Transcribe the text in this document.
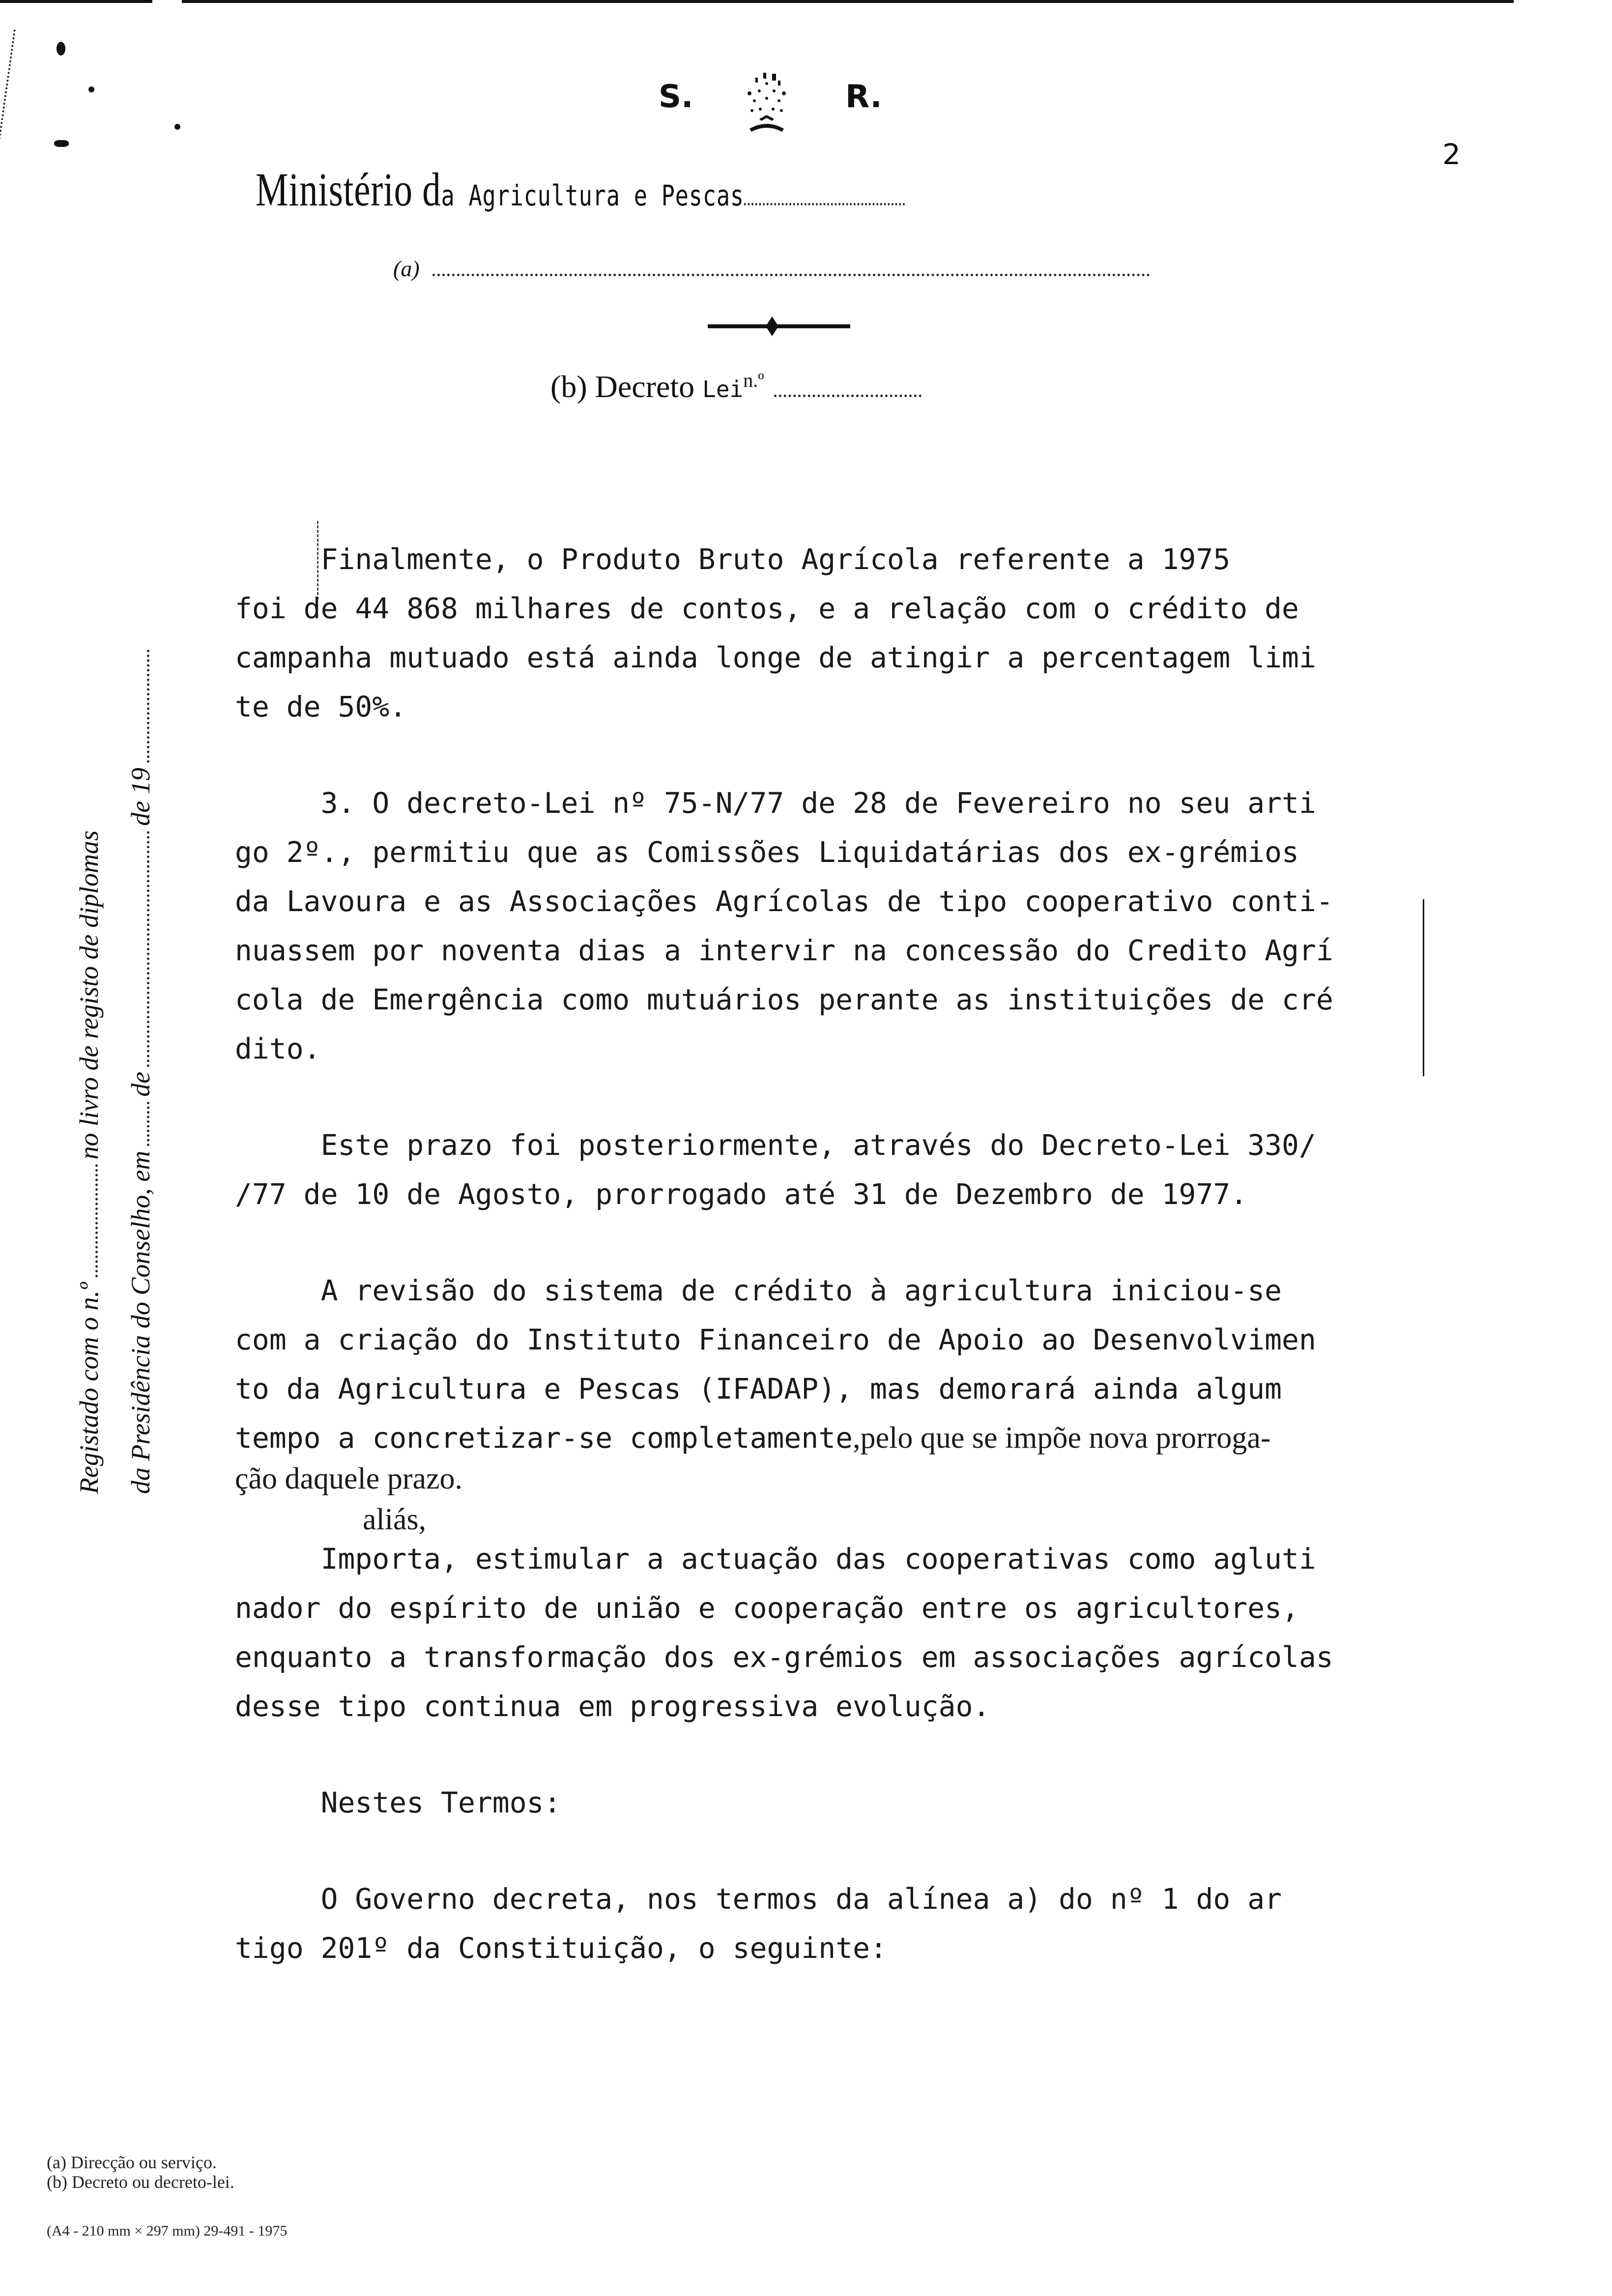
S.	R.
2
Ministério da Agricultura e Pescas
(a)
(b) Decreto Lei$^{n.º}$

Finalmente, o Produto Bruto Agrícola referente a 1975

foi de 44 868 milhares de contos, e a relação com o crédito de

campanha mutuado está ainda longe de atingir a percentagem limi

te de 50%.

3. O decreto-Lei nº 75-N/77 de 28 de Fevereiro no seu arti

go 2º., permitiu que as Comissões Liquidatárias dos ex-grémios

da Lavoura e as Associações Agrícolas de tipo cooperativo conti-

nuassem por noventa dias a intervir na concessão do Credito Agrí

cola de Emergência como mutuários perante as instituições de cré

dito.

Este prazo foi posteriormente, através do Decreto-Lei 330/

/77 de 10 de Agosto, prorrogado até 31 de Dezembro de 1977.

A revisão do sistema de crédito à agricultura iniciou-se

com a criação do Instituto Financeiro de Apoio ao Desenvolvimen

to da Agricultura e Pescas (IFADAP), mas demorará ainda algum

tempo a concretizar-se completamente,pelo que se impõe nova prorroga-

ção daquele prazo.

aliás,

Importa, estimular a actuação das cooperativas como agluti

nador do espírito de união e cooperação entre os agricultores,

enquanto a transformação dos ex-grémios em associações agrícolas

desse tipo continua em progressiva evolução.

Nestes Termos:

O Governo decreta, nos termos da alínea a) do nº 1 do ar

tigo 201º da Constituição, o seguinte:

Registado com o n.ºno livro de registo de diplomas
da Presidência do Conselho, emdede 19
(a) Direcção ou serviço.
(b) Decreto ou decreto-lei.
(A4 - 210 mm × 297 mm) 29-491 - 1975
